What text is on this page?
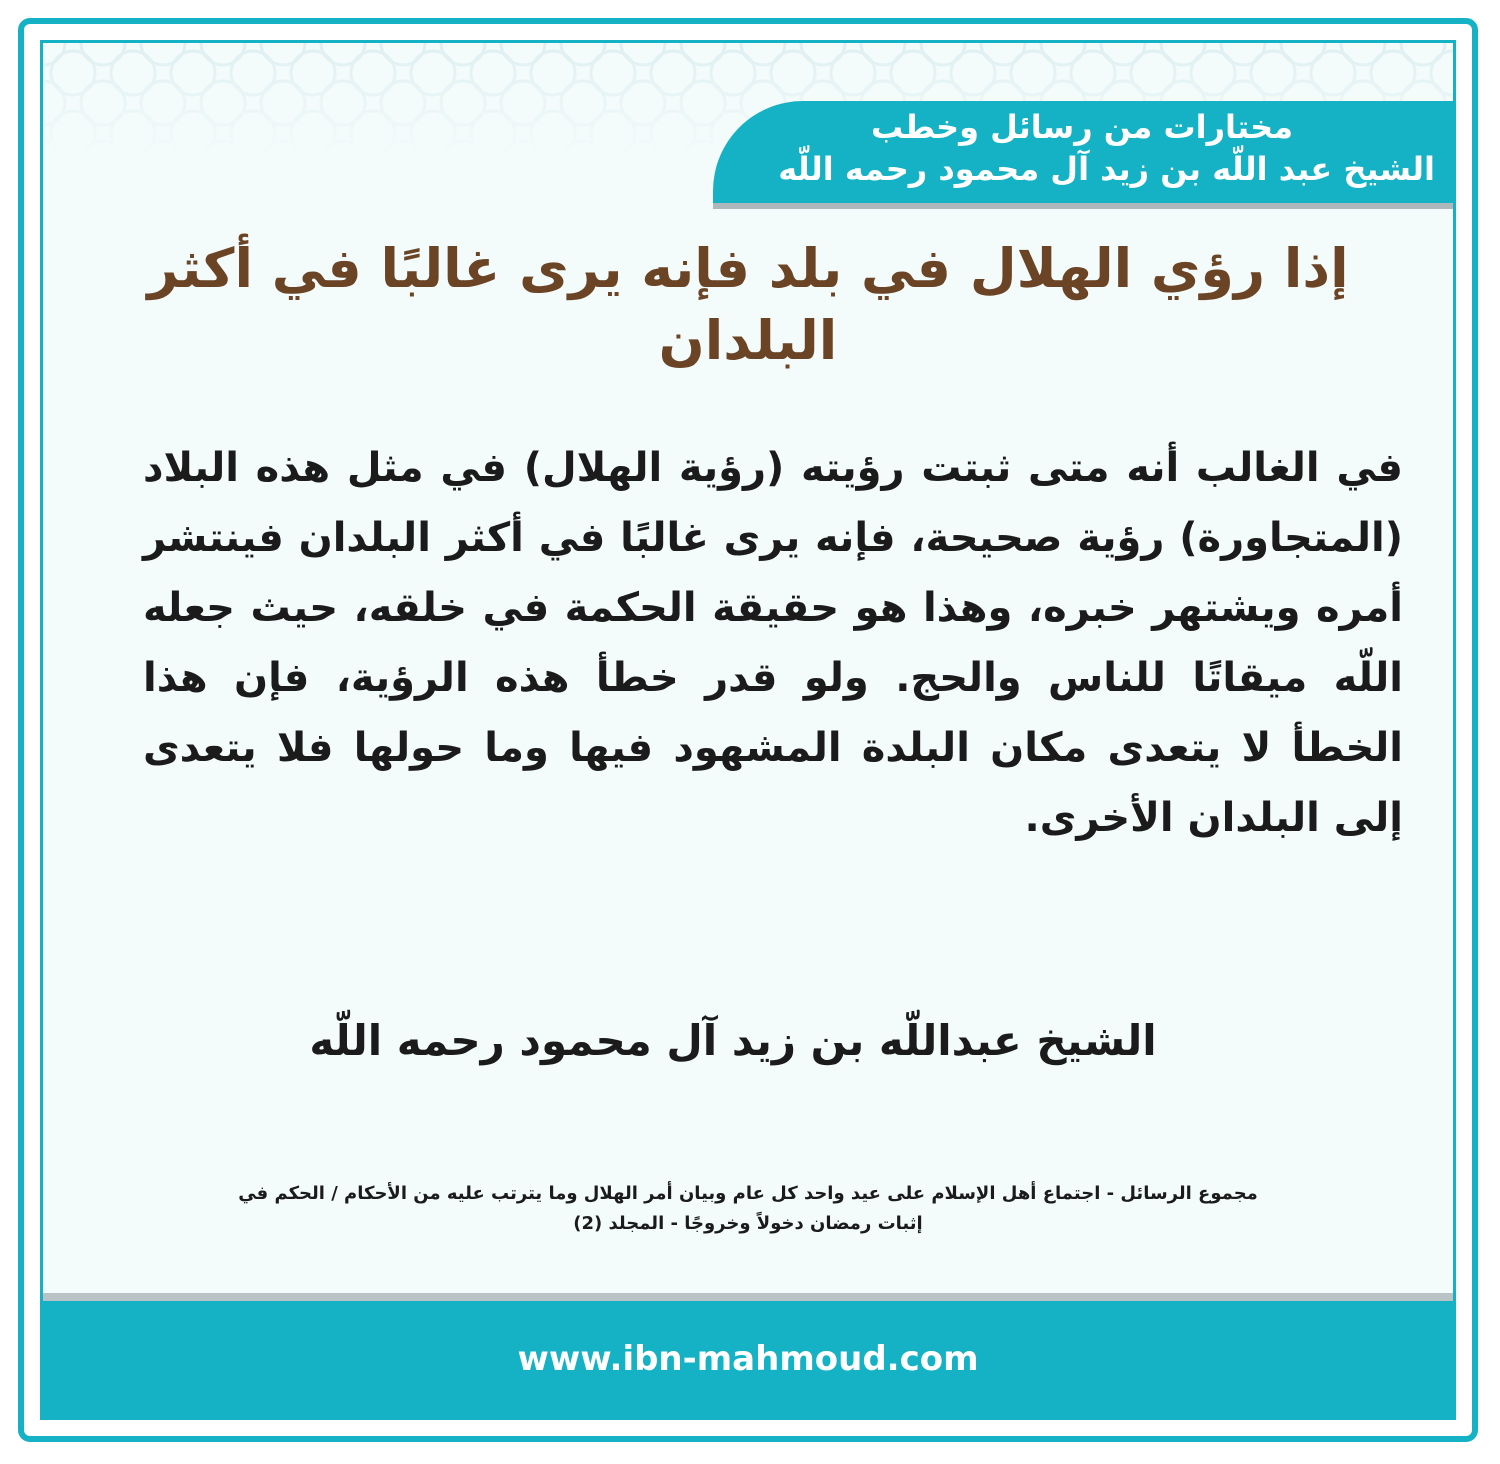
مختارات من رسائل وخطب
الشيخ عبد اللّه بن زيد آل محمود رحمه اللّه
إذا رؤي الهلال في بلد فإنه يرى غالبًا في أكثر البلدان
في الغالب أنه متى ثبتت رؤيته (رؤية الهلال) في مثل هذه البلاد (المتجاورة) رؤية صحيحة، فإنه يرى غالبًا في أكثر البلدان فينتشر أمره ويشتهر خبره، وهذا هو حقيقة الحكمة في خلقه، حيث جعله اللّه ميقاتًا للناس والحج. ولو قدر خطأ هذه الرؤية، فإن هذا الخطأ لا يتعدى مكان البلدة المشهود فيها وما حولها فلا يتعدى إلى البلدان الأخرى.
الشيخ عبداللّه بن زيد آل محمود رحمه اللّه
مجموع الرسائل - اجتماع أهل الإسلام على عيد واحد كل عام وبيان أمر الهلال وما يترتب عليه من الأحكام / الحكم في
إثبات رمضان دخولاً وخروجًا - المجلد (2)
www.ibn-mahmoud.com
